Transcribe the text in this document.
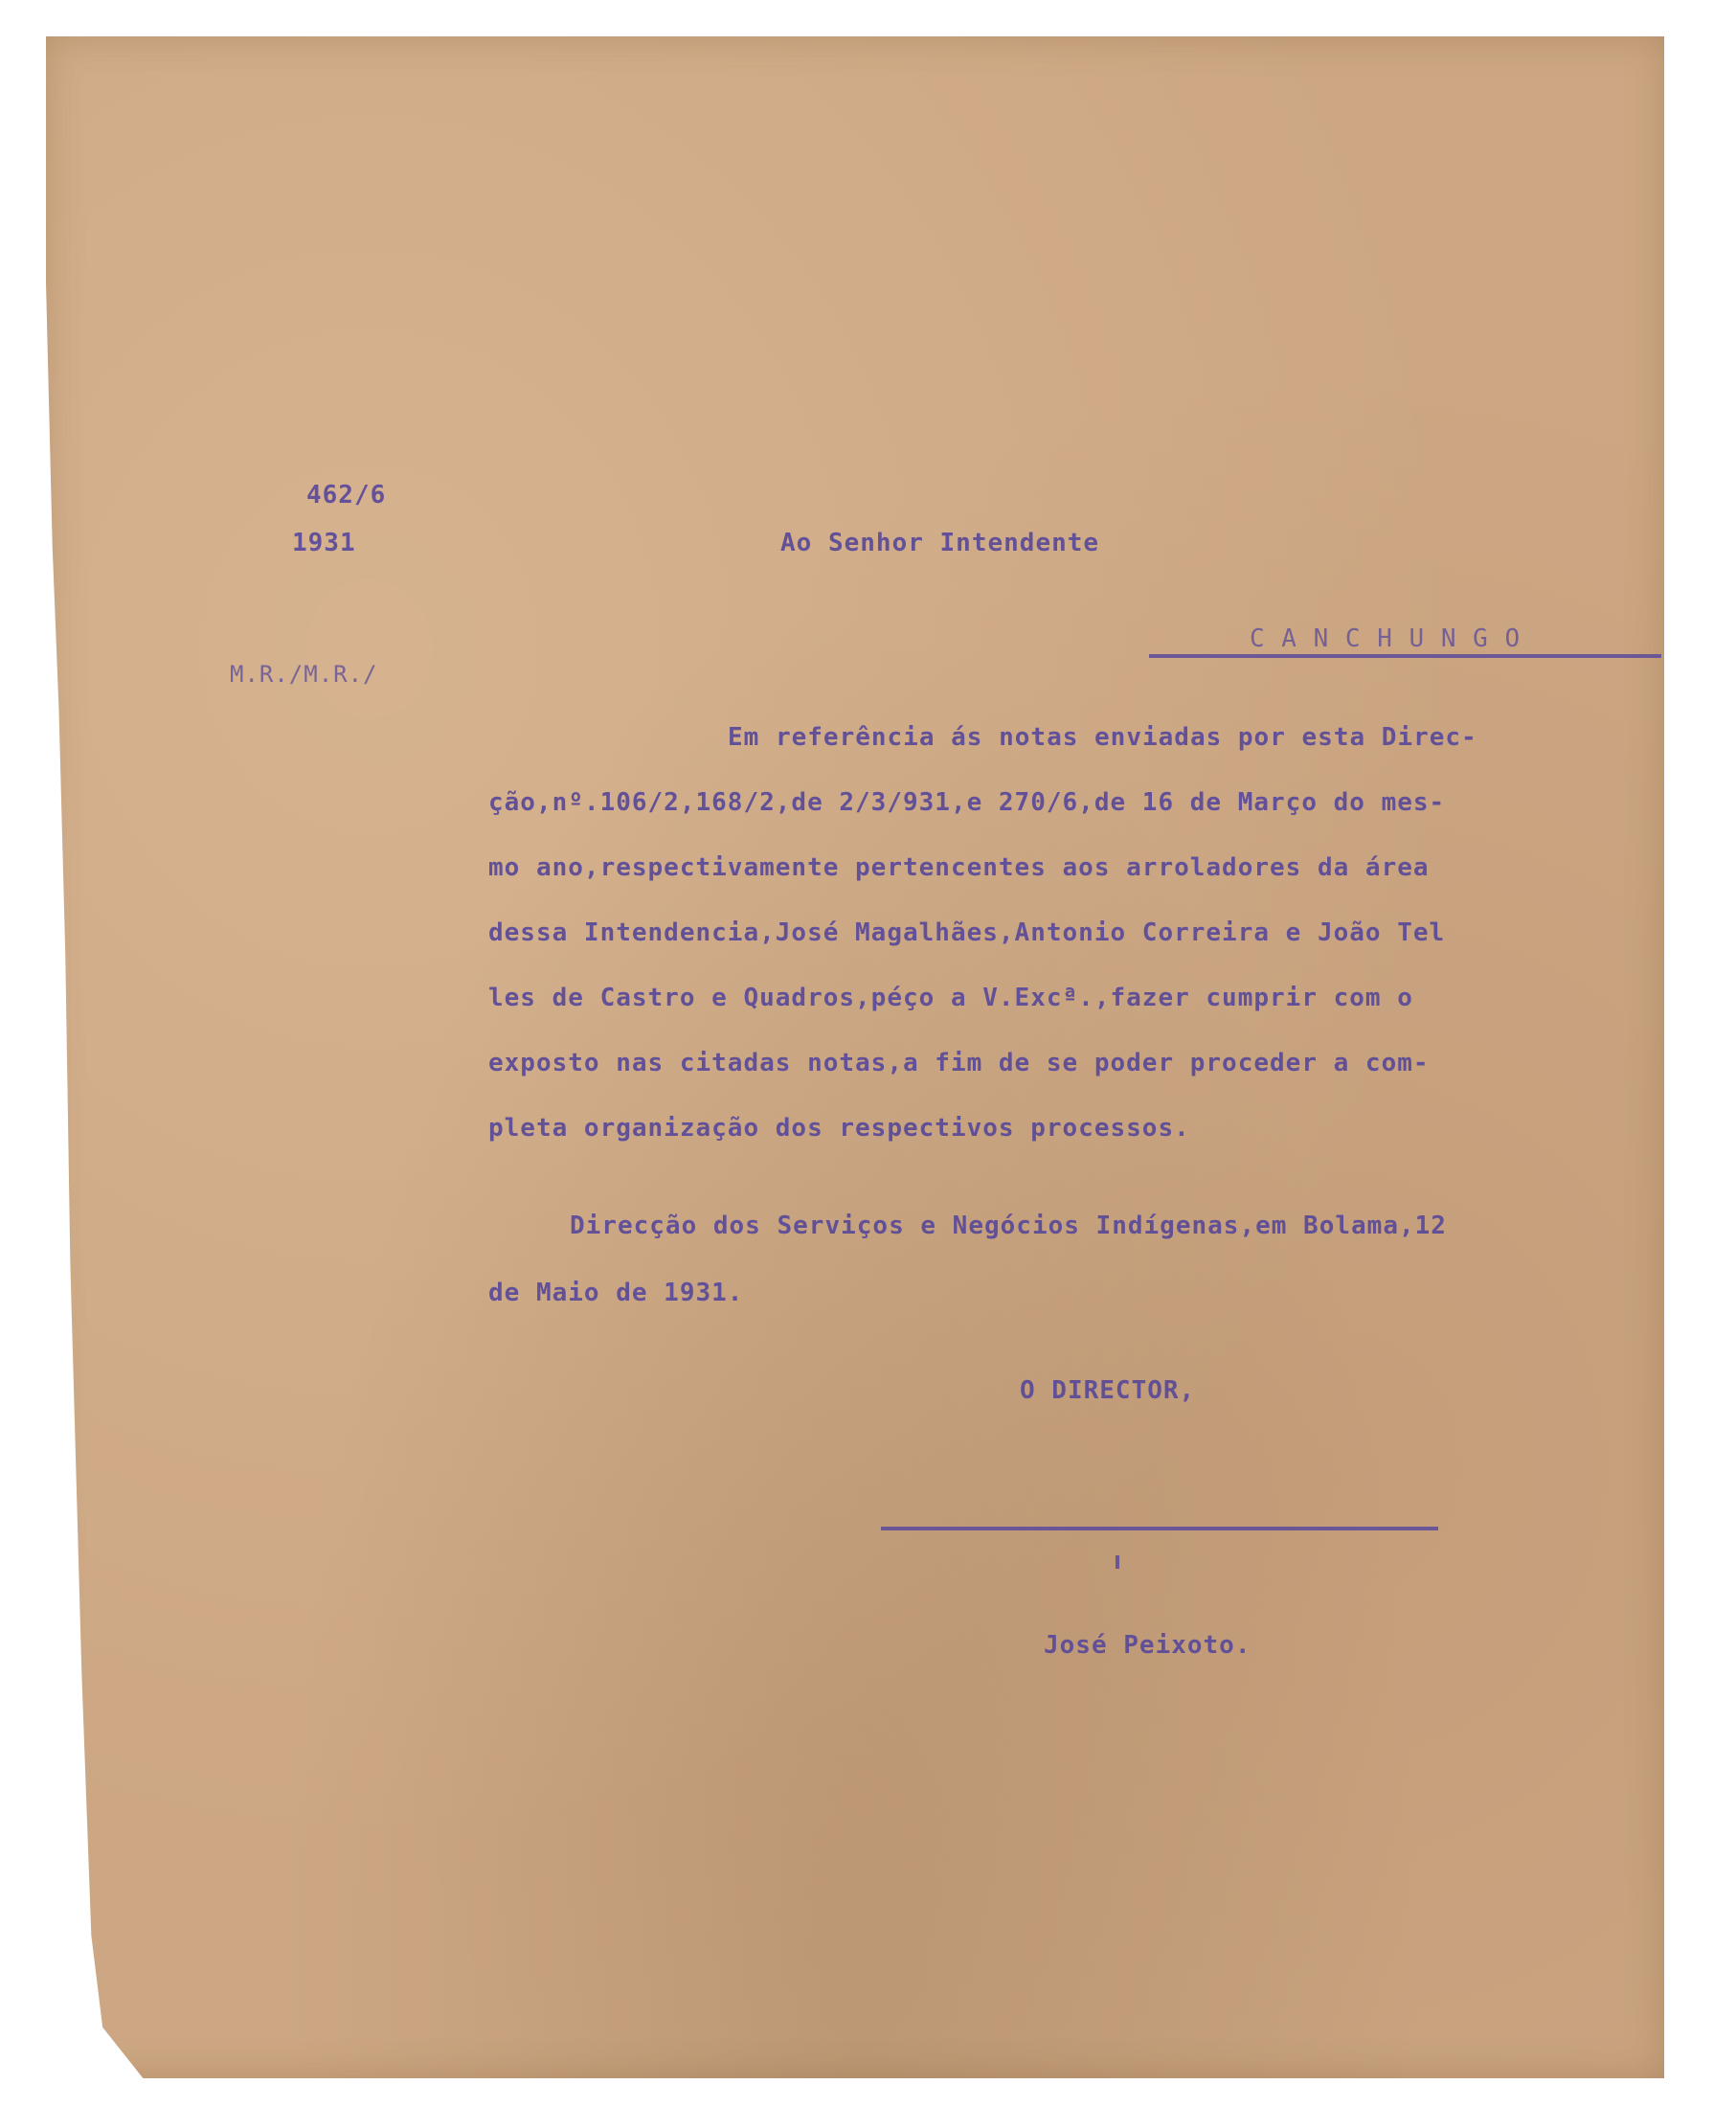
462/6
1931
M.R./M.R./
Ao Senhor Intendente
C A N C H U N G O
Em referência ás notas enviadas por esta Direc-
ção,nº.106/2,168/2,de 2/3/931,e 270/6,de 16 de Março do mes-
mo ano,respectivamente pertencentes aos arroladores da área
dessa Intendencia,José Magalhães,Antonio Correira e João Tel
les de Castro e Quadros,péço a V.Excª.,fazer cumprir com o
exposto nas citadas notas,a fim de se poder proceder a com-
pleta organização dos respectivos processos.
Direcção dos Serviços e Negócios Indígenas,em Bolama,12
de Maio de 1931.
O DIRECTOR,
José Peixoto.
